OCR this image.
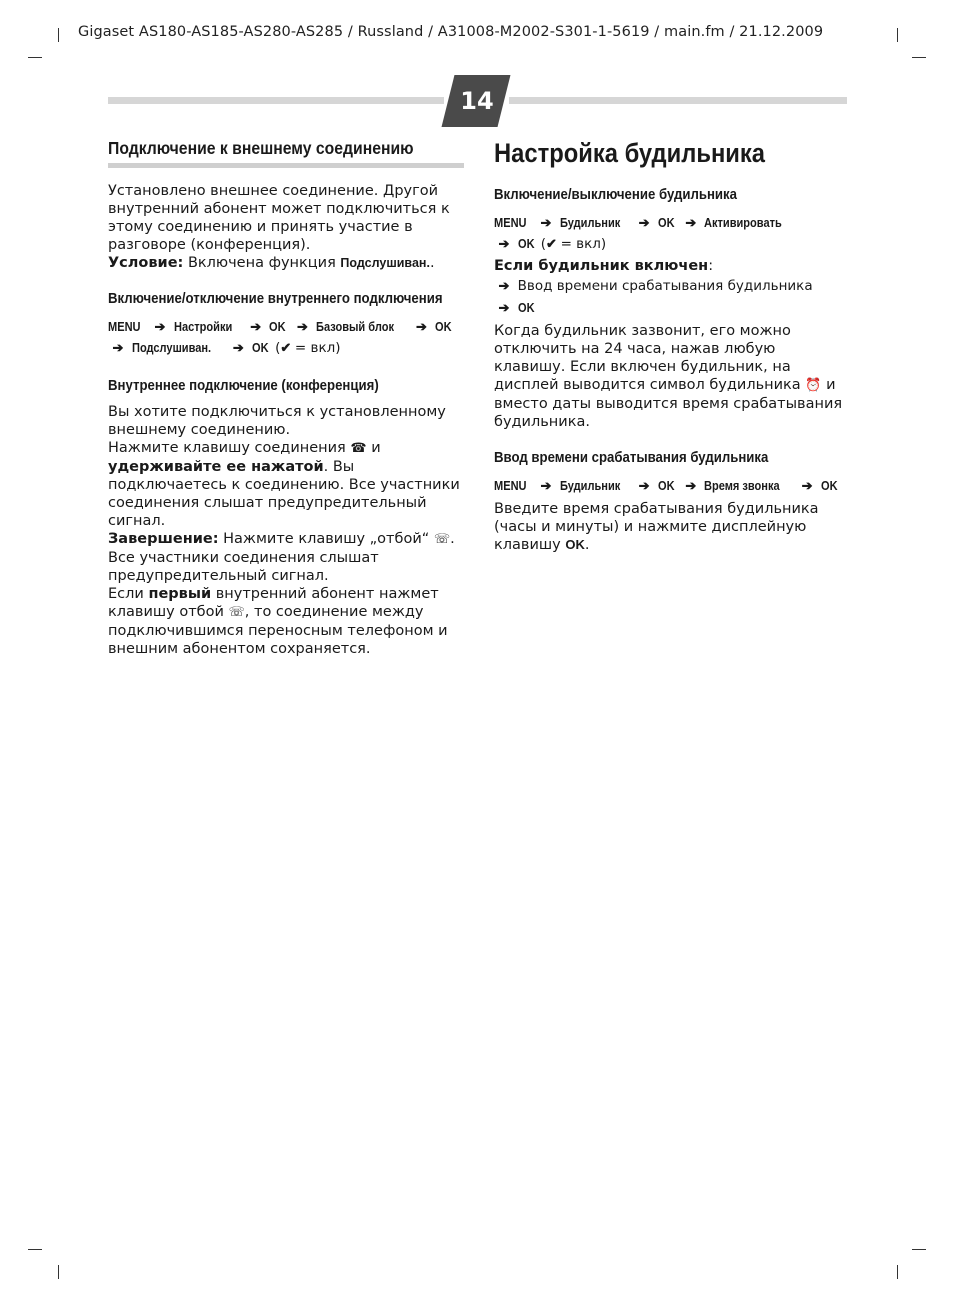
Gigaset AS180-AS185-AS280-AS285 / Russland / A31008-M2002-S301-1-5619 / main.fm / 21.12.2009
14
Подключение к внешнему соединению

Установлено внешнее соединение. Другой внутренний абонент может подключиться к этому соединению и принять участие в разговоре (конференция).

Условие: Включена функция Подслушиван..

Включение/отключение внутреннего подключения
MENU ➔ Настройки ➔ OK ➔ Базовый блок ➔ OK
➔ Подслушиван. ➔ OK (✔ = вкл)
Внутреннее подключение (конференция)

Вы хотите подключиться к установленному внешнему соединению.

Нажмите клавишу соединения ☎ и удерживайте ее нажатой. Вы подключаетесь к соединению. Все участники соединения слышат предупредительный сигнал.

Завершение: Нажмите клавишу „отбой“ ☏. Все участники соединения слышат предупредительный сигнал.

Если первый внутренний абонент нажмет клавишу отбой ☏, то соединение между подключившимся переносным телефоном и внешним абонентом сохраняется.

Настройка будильника
Включение/выключение будильника
MENU ➔ Будильник ➔ OK ➔ Активировать
➔ OK (✔ = вкл)

Если будильник включен:

➔ Ввод времени срабатывания будильника
➔ OK

Когда будильник зазвонит, его можно отключить на 24 часа, нажав любую клавишу. Если включен будильник, на дисплей выводится символ будильника ⏰ и вместо даты выводится время срабатывания будильника.

Ввод времени срабатывания будильника
MENU ➔ Будильник ➔ OK ➔ Время звонка ➔ OK

Введите время срабатывания будильника (часы и минуты) и нажмите дисплейную клавишу OK.
